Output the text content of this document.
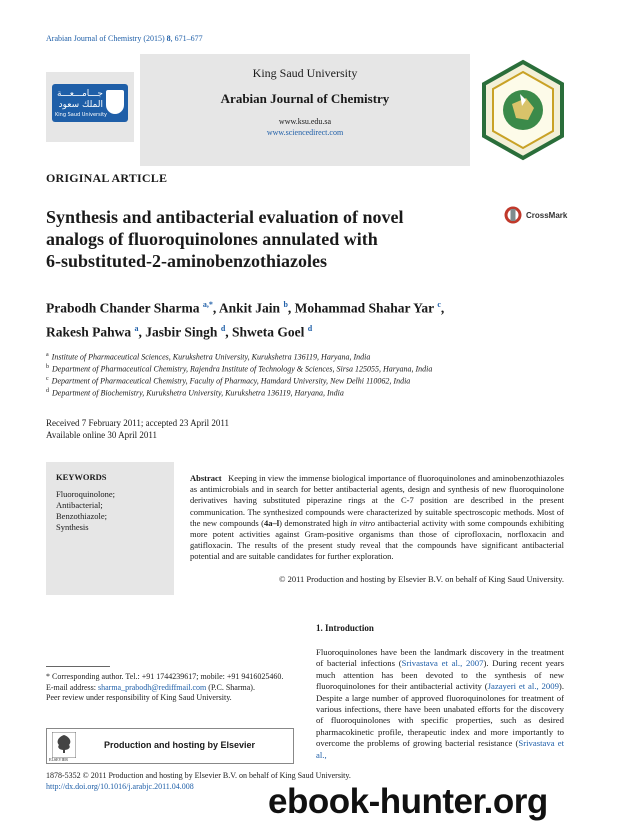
Arabian Journal of Chemistry (2015) 8, 671–677
جـــامـــعـــة
الملك سعود
King Saud University
King Saud University
Arabian Journal of Chemistry
www.ksu.edu.sa
www.sciencedirect.com
ORIGINAL ARTICLE
Synthesis and antibacterial evaluation of novel
analogs of fluoroquinolones annulated with
6-substituted-2-aminobenzothiazoles
CrossMark
Prabodh Chander Sharma $^{a,*}$, Ankit Jain $^b$, Mohammad Shahar Yar $^c$,
Rakesh Pahwa $^a$, Jasbir Singh $^d$, Shweta Goel $^d$
$^a$ Institute of Pharmaceutical Sciences, Kurukshetra University, Kurukshetra 136119, Haryana, India
$^b$ Department of Pharmaceutical Chemistry, Rajendra Institute of Technology & Sciences, Sirsa 125055, Haryana, India
$^c$ Department of Pharmaceutical Chemistry, Faculty of Pharmacy, Hamdard University, New Delhi 110062, India
$^d$ Department of Biochemistry, Kurukshetra University, Kurukshetra 136119, Haryana, India
Received 7 February 2011; accepted 23 April 2011
Available online 30 April 2011
KEYWORDS
Fluoroquinolone;
Antibacterial;
Benzothiazole;
Synthesis
Abstract Keeping in view the immense biological importance of fluoroquinolones and aminobenzothiazoles as antimicrobials and in search for better antibacterial agents, design and synthesis of new fluoroquinolone derivatives having substituted piperazine rings at the C-7 position are described in the present communication. The synthesized compounds were characterized by suitable spectroscopic methods. Most of the new compounds (4a–l) demonstrated high in vitro antibacterial activity with some compounds exhibiting more potent activities against Gram-positive organisms than those of ciprofloxacin, norfloxacin and gatifloxacin. The results of the present study reveal that the compounds have significant antibacterial potential and are suitable candidates for further exploration.
© 2011 Production and hosting by Elsevier B.V. on behalf of King Saud University.
1. Introduction
Fluoroquinolones have been the landmark discovery in the treatment of bacterial infections (Srivastava et al., 2007). During recent years much attention has been devoted to the synthesis of new fluoroquinolones for their antibacterial activity (Jazayeri et al., 2009). Despite a large number of approved fluoroquinolones for treatment of various infections, there have been unabated efforts for the discovery of fluoroquinolones with specific properties, such as desired pharmacokinetic profile, therapeutic index and more importantly to overcome the problems of growing bacterial resistance (Srivastava et al.,
* Corresponding author. Tel.: +91 1744239617; mobile: +91 9416025460.
E-mail address: sharma_prabodh@rediffmail.com (P.C. Sharma).
Peer review under responsibility of King Saud University.
ELSEVIER
Production and hosting by Elsevier
1878-5352 © 2011 Production and hosting by Elsevier B.V. on behalf of King Saud University.
http://dx.doi.org/10.1016/j.arabjc.2011.04.008 ebook-hunter.org
